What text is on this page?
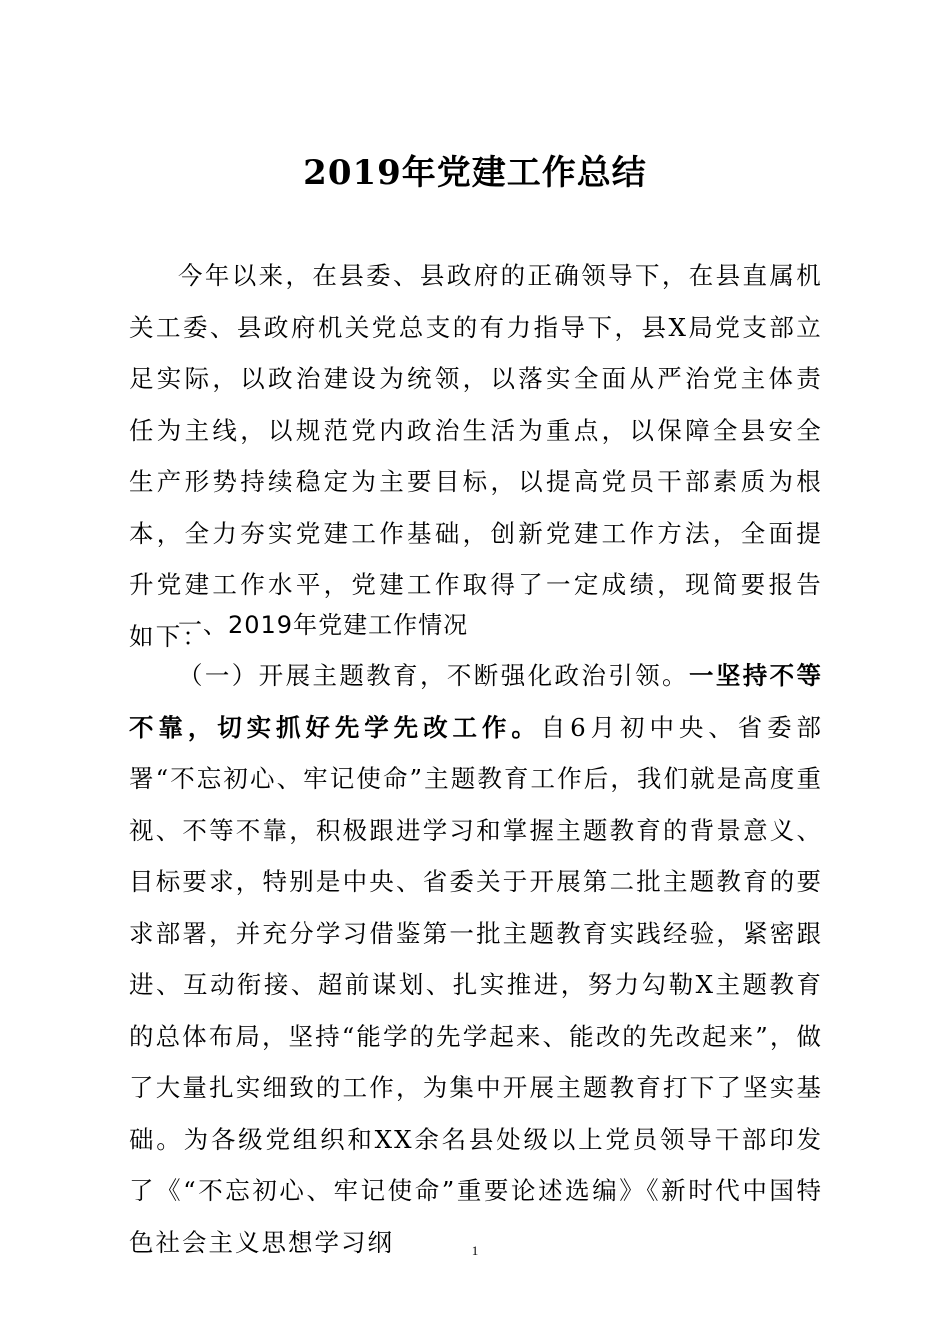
2019年党建工作总结
今年以来，在县委、县政府的正确领导下，在县直属机关工委、县政府机关党总支的有力指导下，县X局党支部立足实际，以政治建设为统领，以落实全面从严治党主体责任为主线，以规范党内政治生活为重点，以保障全县安全生产形势持续稳定为主要目标，以提高党员干部素质为根本，全力夯实党建工作基础，创新党建工作方法，全面提升党建工作水平，党建工作取得了一定成绩，现简要报告如下：
一、2019年党建工作情况
（一）开展主题教育，不断强化政治引领。一坚持不等不靠，切实抓好先学先改工作。自6月初中央、省委部署“不忘初心、牢记使命”主题教育工作后，我们就是高度重视、不等不靠，积极跟进学习和掌握主题教育的背景意义、目标要求，特别是中央、省委关于开展第二批主题教育的要求部署，并充分学习借鉴第一批主题教育实践经验，紧密跟进、互动衔接、超前谋划、扎实推进，努力勾勒X主题教育的总体布局，坚持“能学的先学起来、能改的先改起来”，做了大量扎实细致的工作，为集中开展主题教育打下了坚实基础。为各级党组织和XX余名县处级以上党员领导干部印发了《“不忘初心、牢记使命”重要论述选编》《新时代中国特色社会主义思想学习纲	1
